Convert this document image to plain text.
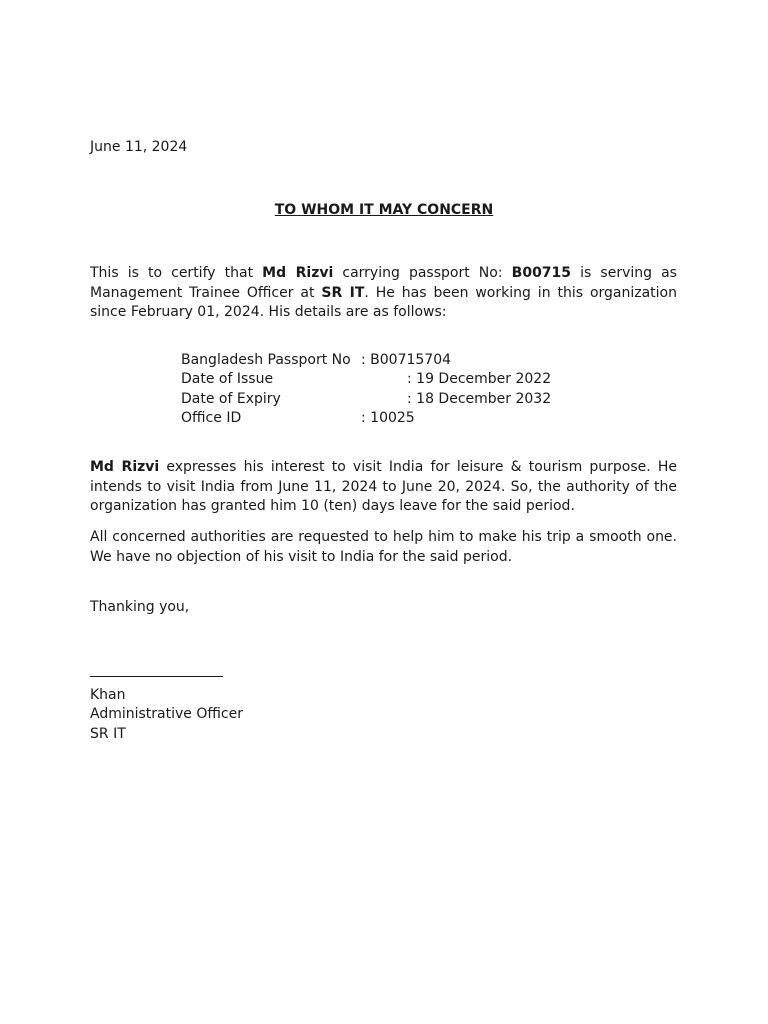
June 11, 2024
TO WHOM IT MAY CONCERN
This is to certify that Md Rizvi carrying passport No: B00715 is serving as Management Trainee Officer at SR IT. He has been working in this organization since February 01, 2024. His details are as follows:
Bangladesh Passport No : B00715704
Date of Issue	: 19 December 2022
Date of Expiry	: 18 December 2032
Office ID	: 10025
Md Rizvi expresses his interest to visit India for leisure & tourism purpose. He intends to visit India from June 11, 2024 to June 20, 2024. So, the authority of the organization has granted him 10 (ten) days leave for the said period.
All concerned authorities are requested to help him to make his trip a smooth one. We have no objection of his visit to India for the said period.
Thanking you,
Khan
Administrative Officer
SR IT
